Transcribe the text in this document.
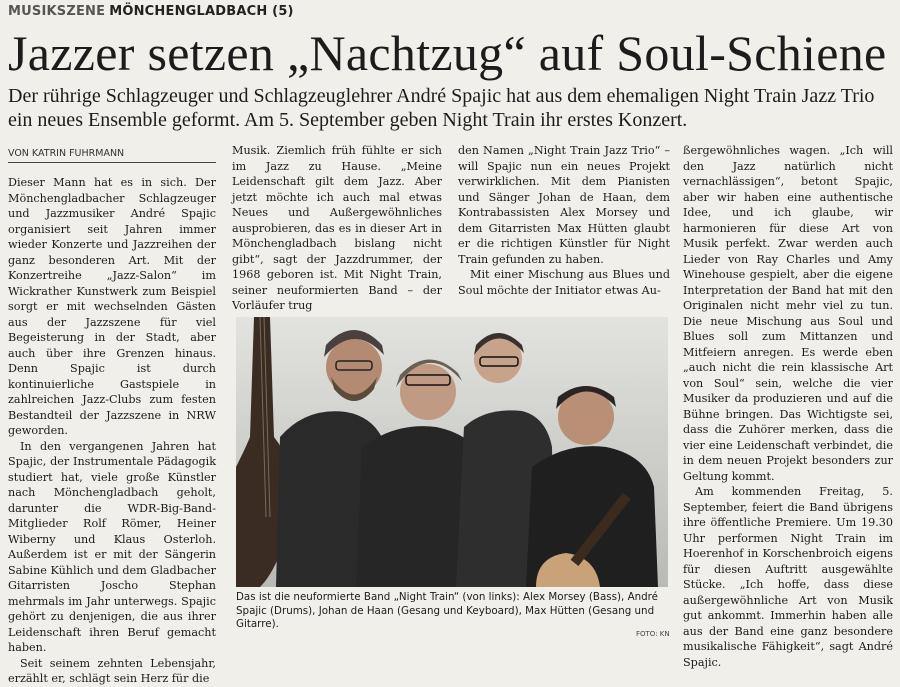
MUSIKSZENE MÖNCHENGLADBACH (5)
Jazzer setzen „Nachtzug“ auf Soul-Schiene
Der rührige Schlagzeuger und Schlagzeuglehrer André Spajic hat aus dem ehemaligen Night Train Jazz Trio ein neues Ensemble geformt. Am 5. September geben Night Train ihr erstes Konzert.
VON KATRIN FUHRMANN

Dieser Mann hat es in sich. Der Mönchengladbacher Schlagzeuger und Jazzmusiker André Spajic organisiert seit Jahren immer wieder Konzerte und Jazzreihen der ganz besonderen Art. Mit der Konzertreihe „Jazz-Salon“ im Wickrather Kunstwerk zum Beispiel sorgt er mit wechselnden Gästen aus der Jazzszene für viel Begeisterung in der Stadt, aber auch über ihre Grenzen hinaus. Denn Spajic ist durch kontinuierliche Gastspiele in zahlreichen Jazz-Clubs zum festen Bestandteil der Jazzszene in NRW geworden.

In den vergangenen Jahren hat Spajic, der Instrumentale Pädagogik studiert hat, viele große Künstler nach Mönchengladbach geholt, darunter die WDR-Big-Band-Mitglieder Rolf Römer, Heiner Wiberny und Klaus Osterloh. Außerdem ist er mit der Sängerin Sabine Kühlich und dem Gladbacher Gitarristen Joscho Stephan mehrmals im Jahr unterwegs. Spajic gehört zu denjenigen, die aus ihrer Leidenschaft ihren Beruf gemacht haben.

Seit seinem zehnten Lebensjahr, erzählt er, schlägt sein Herz für die

Musik. Ziemlich früh fühlte er sich im Jazz zu Hause. „Meine Leidenschaft gilt dem Jazz. Aber jetzt möchte ich auch mal etwas Neues und Außergewöhnliches ausprobieren, das es in dieser Art in Mönchengladbach bislang nicht gibt“, sagt der Jazzdrummer, der 1968 geboren ist. Mit Night Train, seiner neuformierten Band – der Vorläufer trug

den Namen „Night Train Jazz Trio“ – will Spajic nun ein neues Projekt verwirklichen. Mit dem Pianisten und Sänger Johan de Haan, dem Kontrabassisten Alex Morsey und dem Gitarristen Max Hütten glaubt er die richtigen Künstler für Night Train gefunden zu haben.

Mit einer Mischung aus Blues und Soul möchte der Initiator etwas Au-

ßergewöhnliches wagen. „Ich will den Jazz natürlich nicht vernachlässigen“, betont Spajic, aber wir haben eine authentische Idee, und ich glaube, wir harmonieren für diese Art von Musik perfekt. Zwar werden auch Lieder von Ray Charles und Amy Winehouse gespielt, aber die eigene Interpretation der Band hat mit den Originalen nicht mehr viel zu tun. Die neue Mischung aus Soul und Blues soll zum Mittanzen und Mitfeiern anregen. Es werde eben „auch nicht die rein klassische Art von Soul“ sein, welche die vier Musiker da produzieren und auf die Bühne bringen. Das Wichtigste sei, dass die Zuhörer merken, dass die vier eine Leidenschaft verbindet, die in dem neuen Projekt besonders zur Geltung kommt.

Am kommenden Freitag, 5. September, feiert die Band übrigens ihre öffentliche Premiere. Um 19.30 Uhr performen Night Train im Hoerenhof in Korschenbroich eigens für diesen Auftritt ausgewählte Stücke. „Ich hoffe, dass diese außergewöhnliche Art von Musik gut ankommt. Immerhin haben alle aus der Band eine ganz besondere musikalische Fähigkeit“, sagt André Spajic.

Das ist die neuformierte Band „Night Train“ (von links): Alex Morsey (Bass), André Spajic (Drums), Johan de Haan (Gesang und Keyboard), Max Hütten (Gesang und Gitarre).
FOTO: KN
